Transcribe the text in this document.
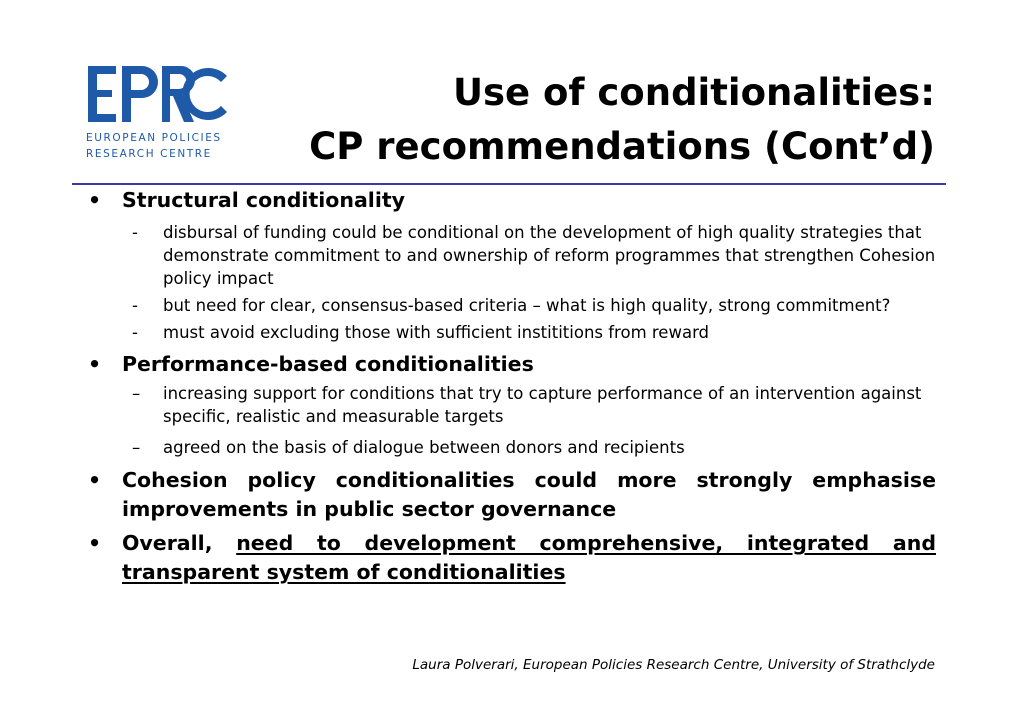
EUROPEAN POLICIES
RESEARCH CENTRE
Use of conditionalities:
CP recommendations (Cont’d)
• Structural conditionality
- disbursal of funding could be conditional on the development of high quality strategies that demonstrate commitment to and ownership of reform programmes that strengthen Cohesion policy impact
- but need for clear, consensus-based criteria – what is high quality, strong commitment?
- must avoid excluding those with sufficient instititions from reward
• Performance-based conditionalities
– increasing support for conditions that try to capture performance of an intervention against specific, realistic and measurable targets
– agreed on the basis of dialogue between donors and recipients
• Cohesion policy conditionalities could more strongly emphasise improvements in public sector governance
• Overall, need to development comprehensive, integrated and transparent system of conditionalities
Laura Polverari, European Policies Research Centre, University of Strathclyde
